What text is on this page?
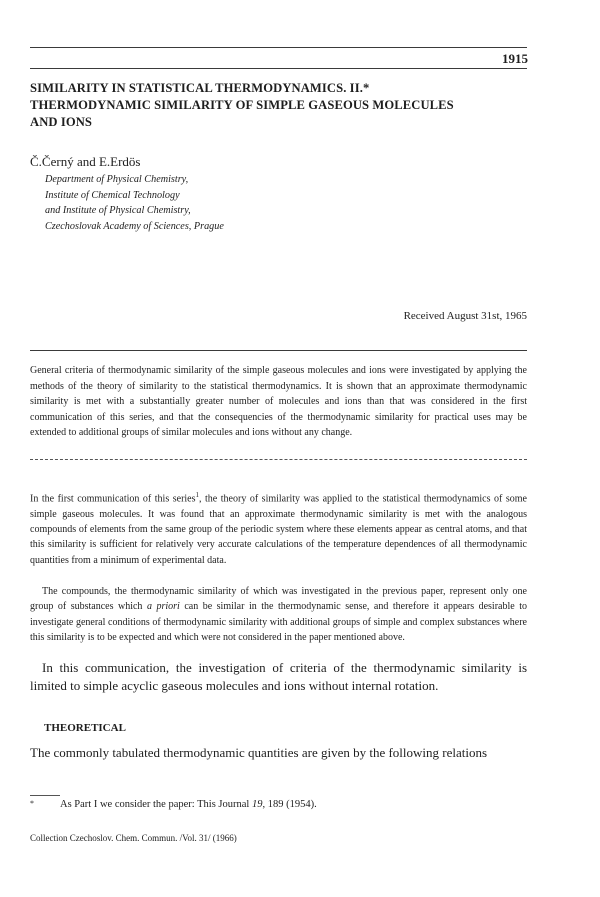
1915
SIMILARITY IN STATISTICAL THERMODYNAMICS. II.*
THERMODYNAMIC SIMILARITY OF SIMPLE GASEOUS MOLECULES
AND IONS
Č.Černý and E.Erdös
Department of Physical Chemistry,
Institute of Chemical Technology
and Institute of Physical Chemistry,
Czechoslovak Academy of Sciences, Prague
Received August 31st, 1965
General criteria of thermodynamic similarity of the simple gaseous molecules and ions were investigated by applying the methods of the theory of similarity to the statistical thermodynamics. It is shown that an approximate thermodynamic similarity is met with a substantially greater number of molecules and ions than that was considered in the first communication of this series, and that the consequencies of the thermodynamic similarity for practical uses may be extended to additional groups of similar molecules and ions without any change.
In the first communication of this series$^1$, the theory of similarity was applied to the statistical thermodynamics of some simple gaseous molecules. It was found that an approximate thermodynamic similarity is met with the analogous compounds of elements from the same group of the periodic system where these elements appear as central atoms, and that this similarity is sufficient for relatively very accurate calculations of the temperature dependences of all thermodynamic quantities from a minimum of experimental data.
The compounds, the thermodynamic similarity of which was investigated in the previous paper, represent only one group of substances which a priori can be similar in the thermodynamic sense, and therefore it appears desirable to investigate general conditions of thermodynamic similarity with additional groups of simple and complex substances where this similarity is to be expected and which were not considered in the paper mentioned above.
In this communication, the investigation of criteria of the thermodynamic similarity is limited to simple acyclic gaseous molecules and ions without internal rotation.
THEORETICAL
The commonly tabulated thermodynamic quantities are given by the following relations
* As Part I we consider the paper: This Journal 19, 189 (1954).
Collection Czechoslov. Chem. Commun. /Vol. 31/ (1966)
